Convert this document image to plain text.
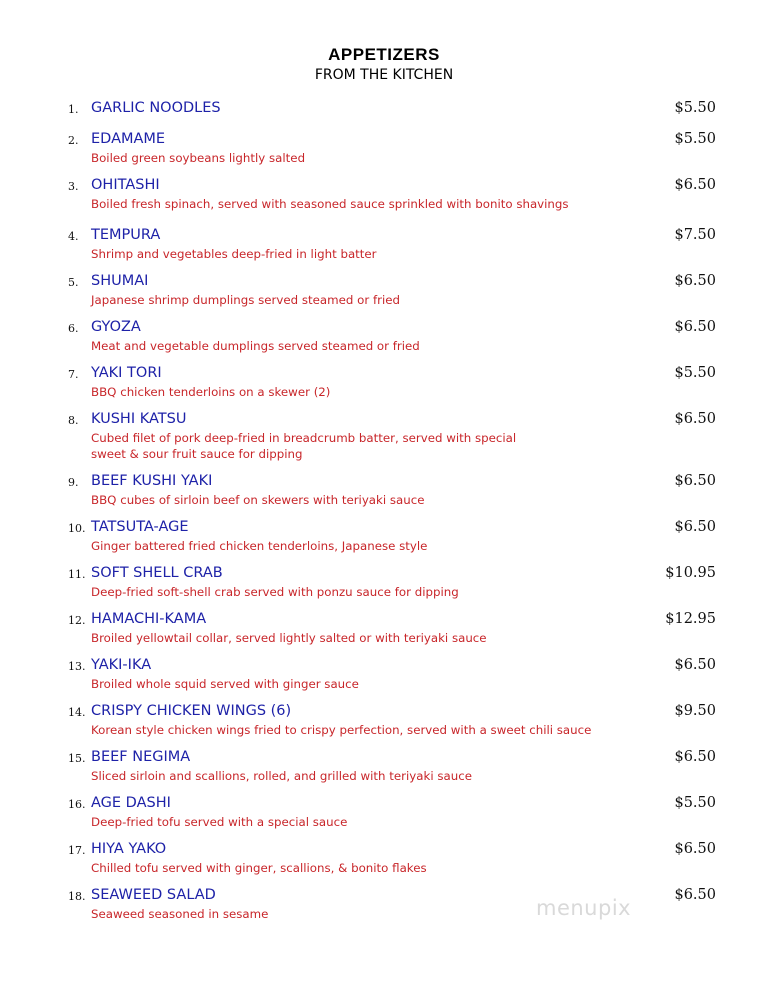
APPETIZERS
FROM THE KITCHEN
1. GARLIC NOODLES	$5.50
2. EDAMAME	$5.50
Boiled green soybeans lightly salted
3. OHITASHI	$6.50
Boiled fresh spinach, served with seasoned sauce sprinkled with bonito shavings
4. TEMPURA	$7.50
Shrimp and vegetables deep-fried in light batter
5. SHUMAI	$6.50
Japanese shrimp dumplings served steamed or fried
6. GYOZA	$6.50
Meat and vegetable dumplings served steamed or fried
7. YAKI TORI	$5.50
BBQ chicken tenderloins on a skewer (2)
8. KUSHI KATSU	$6.50
Cubed filet of pork deep-fried in breadcrumb batter, served with special
sweet & sour fruit sauce for dipping
9. BEEF KUSHI YAKI	$6.50
BBQ cubes of sirloin beef on skewers with teriyaki sauce
10. TATSUTA-AGE	$6.50
Ginger battered fried chicken tenderloins, Japanese style
11. SOFT SHELL CRAB	$10.95
Deep-fried soft-shell crab served with ponzu sauce for dipping
12. HAMACHI-KAMA	$12.95
Broiled yellowtail collar, served lightly salted or with teriyaki sauce
13. YAKI-IKA	$6.50
Broiled whole squid served with ginger sauce
14. CRISPY CHICKEN WINGS (6)	$9.50
Korean style chicken wings fried to crispy perfection, served with a sweet chili sauce
15. BEEF NEGIMA	$6.50
Sliced sirloin and scallions, rolled, and grilled with teriyaki sauce
16. AGE DASHI	$5.50
Deep-fried tofu served with a special sauce
17. HIYA YAKO	$6.50
Chilled tofu served with ginger, scallions, & bonito flakes
18. SEAWEED SALAD	$6.50
Seaweed seasoned in sesame	menupix
